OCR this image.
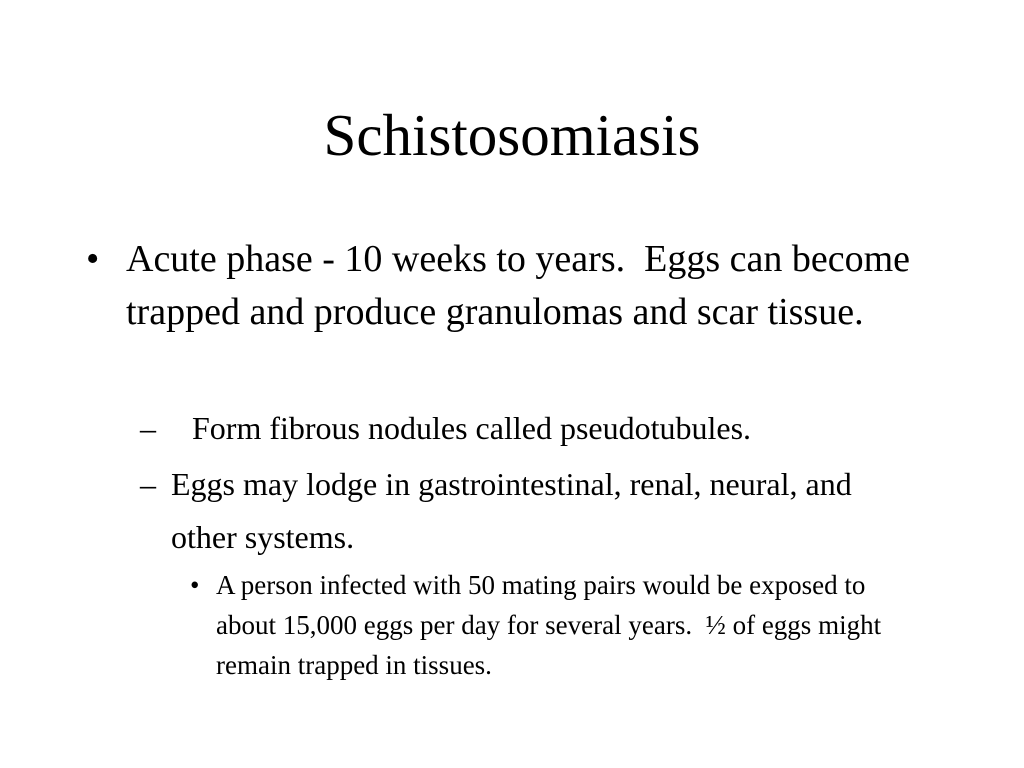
Schistosomiasis
• Acute phase - 10 weeks to years.  Eggs can become trapped and produce granulomas and scar tissue.
–	Form fibrous nodules called pseudotubules.
– Eggs may lodge in gastrointestinal, renal, neural, and other systems.
• A person infected with 50 mating pairs would be exposed to about 15,000 eggs per day for several years.  ½ of eggs might remain trapped in tissues.
